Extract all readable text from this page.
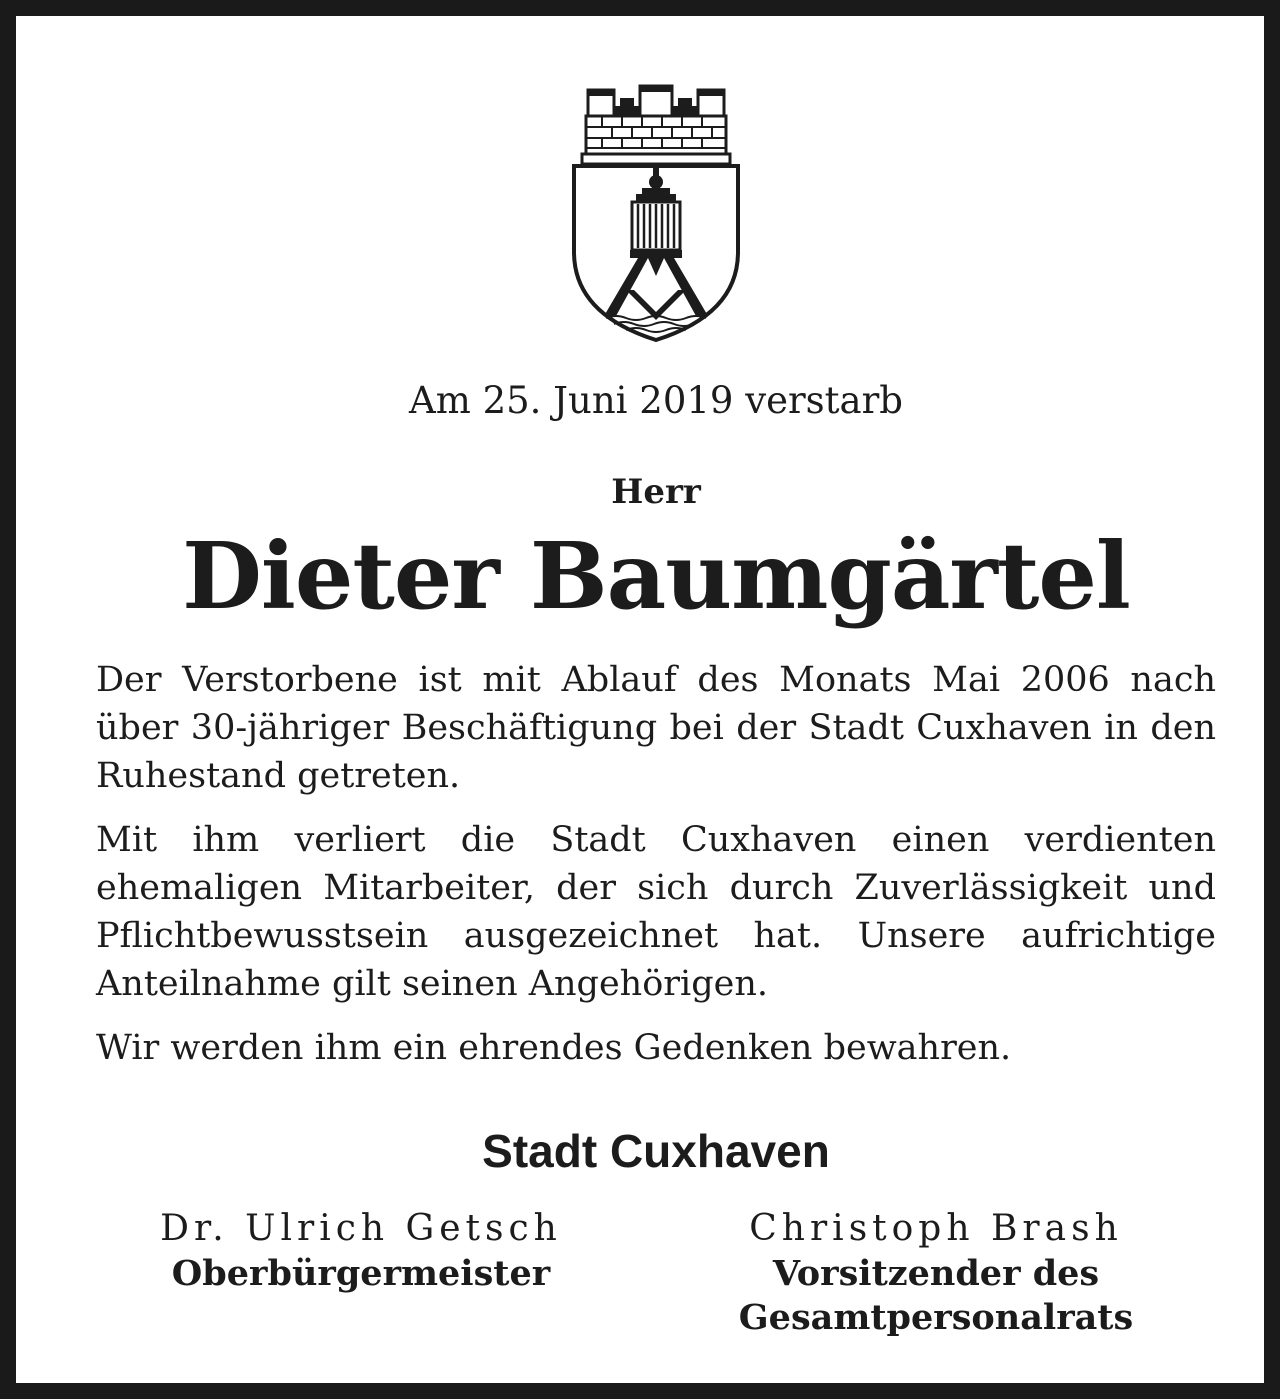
Am 25. Juni 2019 verstarb
Herr
Dieter Baumgärtel

Der Verstorbene ist mit Ablauf des Monats Mai 2006 nach über 30-jähriger Beschäftigung bei der Stadt Cuxhaven in den Ruhestand getreten.

Mit ihm verliert die Stadt Cuxhaven einen verdienten ehemaligen Mitarbeiter, der sich durch Zuverlässigkeit und Pflichtbewusstsein ausgezeichnet hat. Unsere aufrichtige Anteilnahme gilt seinen Angehörigen.

Wir werden ihm ein ehrendes Gedenken bewahren.

Stadt Cuxhaven
Dr. Ulrich Getsch
Oberbürgermeister
Christoph Brash
Vorsitzender des Gesamtpersonalrats
